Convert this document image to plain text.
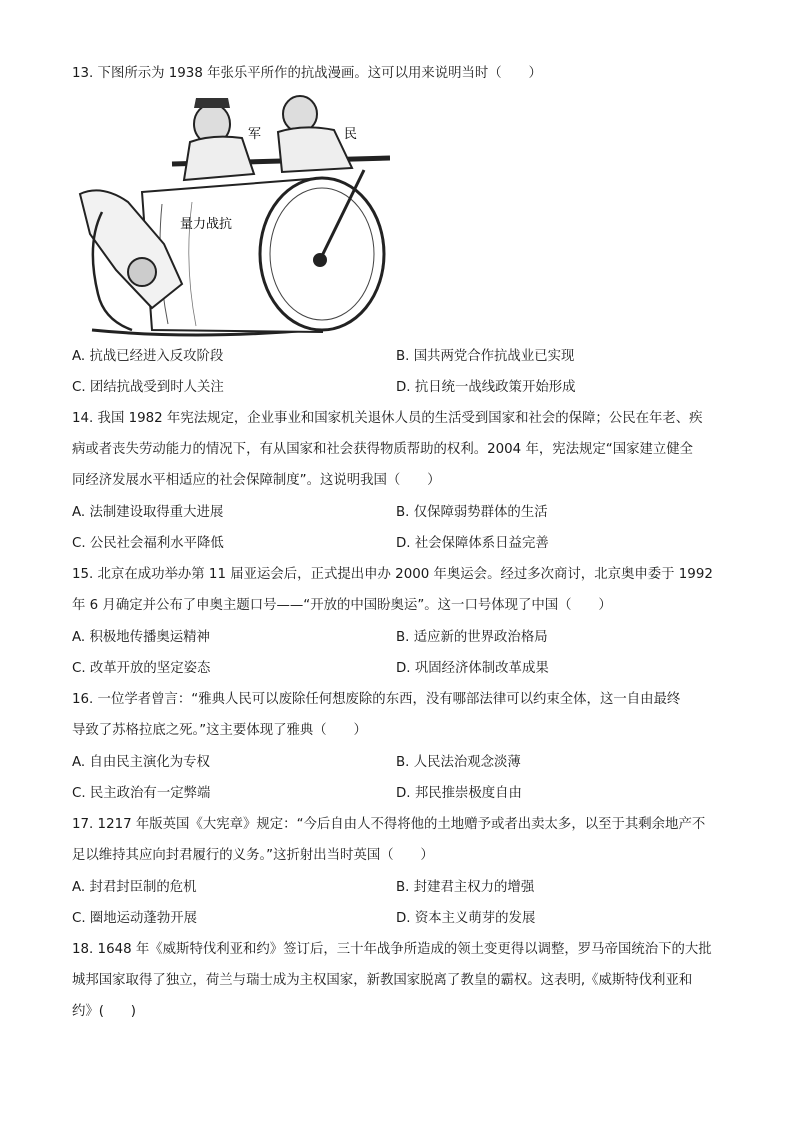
13. 下图所示为 1938 年张乐平所作的抗战漫画。这可以用来说明当时（　　）
军	民
量力战抗
A. 抗战已经进入反攻阶段	B. 国共两党合作抗战业已实现
C. 团结抗战受到时人关注	D. 抗日统一战线政策开始形成
14. 我国 1982 年宪法规定，企业事业和国家机关退休人员的生活受到国家和社会的保障；公民在年老、疾
病或者丧失劳动能力的情况下，有从国家和社会获得物质帮助的权利。2004 年，宪法规定“国家建立健全
同经济发展水平相适应的社会保障制度”。这说明我国（　　）
A. 法制建设取得重大进展	B. 仅保障弱势群体的生活
C. 公民社会福利水平降低	D. 社会保障体系日益完善
15. 北京在成功举办第 11 届亚运会后，正式提出申办 2000 年奥运会。经过多次商讨，北京奥申委于 1992
年 6 月确定并公布了申奥主题口号——“开放的中国盼奥运”。这一口号体现了中国（　　）
A. 积极地传播奥运精神	B. 适应新的世界政治格局
C. 改革开放的坚定姿态	D. 巩固经济体制改革成果
16. 一位学者曾言：“雅典人民可以废除任何想废除的东西，没有哪部法律可以约束全体，这一自由最终
导致了苏格拉底之死。”这主要体现了雅典（　　）
A. 自由民主演化为专权	B. 人民法治观念淡薄
C. 民主政治有一定弊端	D. 邦民推崇极度自由
17. 1217 年版英国《大宪章》规定：“今后自由人不得将他的土地赠予或者出卖太多，以至于其剩余地产不
足以维持其应向封君履行的义务。”这折射出当时英国（　　）
A. 封君封臣制的危机	B. 封建君主权力的增强
C. 圈地运动蓬勃开展	D. 资本主义萌芽的发展
18. 1648 年《威斯特伐利亚和约》签订后，三十年战争所造成的领土变更得以调整，罗马帝国统治下的大批
城邦国家取得了独立，荷兰与瑞士成为主权国家，新教国家脱离了教皇的霸权。这表明,《威斯特伐利亚和
约》(　　)
